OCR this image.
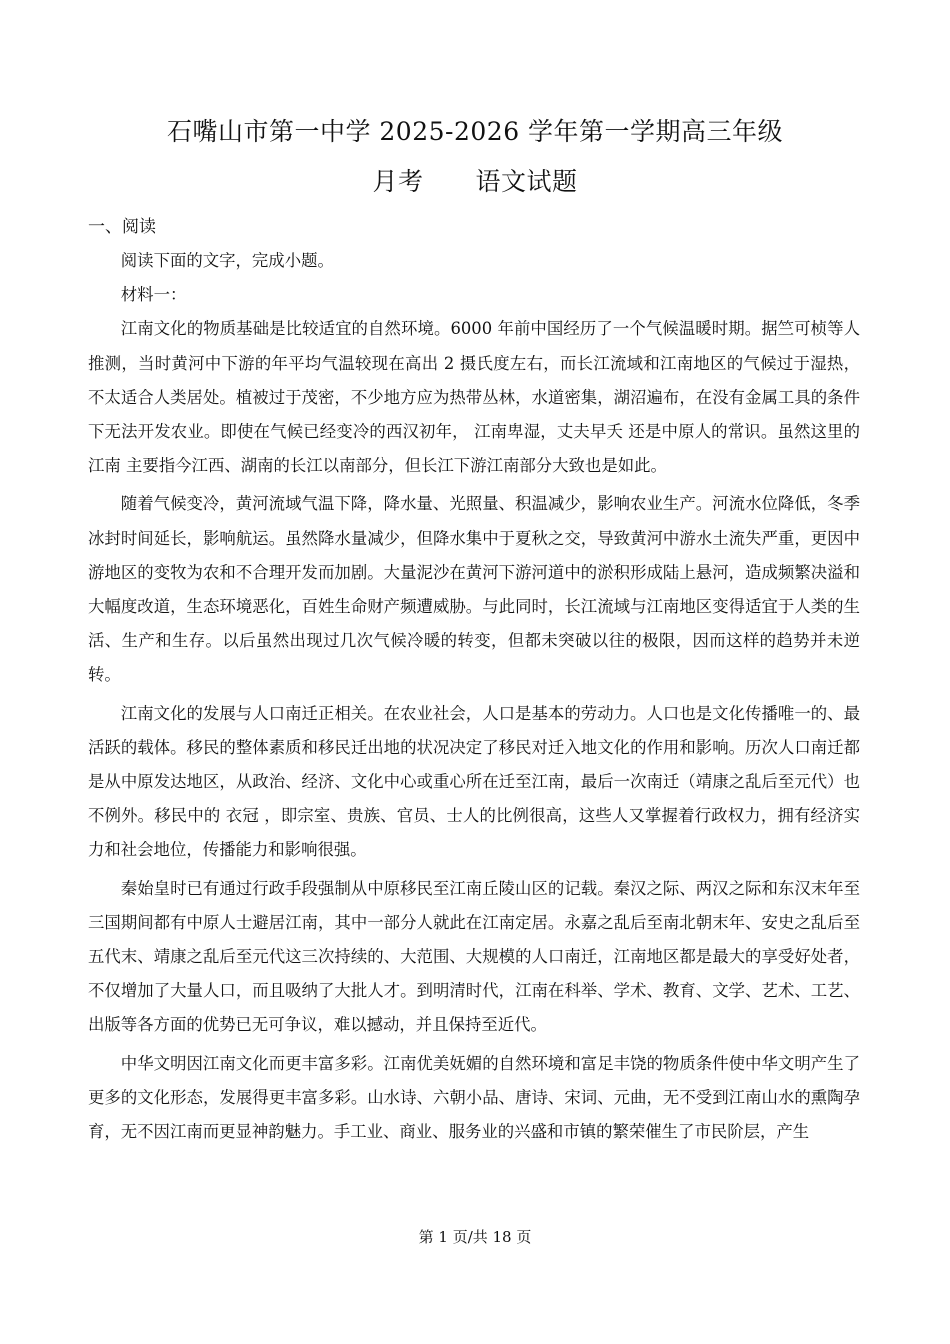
石嘴山市第一中学 2025-2026 学年第一学期高三年级
月考　 语文试题
一、阅读

阅读下面的文字，完成小题。

材料一：

江南文化的物质基础是比较适宜的自然环境。6000 年前中国经历了一个气候温暖时期。据竺可桢等人推测，当时黄河中下游的年平均气温较现在高出 2 摄氏度左右，而长江流域和江南地区的气候过于湿热，不太适合人类居处。植被过于茂密，不少地方应为热带丛林，水道密集，湖沼遍布，在没有金属工具的条件下无法开发农业。即使在气候已经变冷的西汉初年， 江南卑湿，丈夫早夭 还是中原人的常识。虽然这里的 江南 主要指今江西、湖南的长江以南部分，但长江下游江南部分大致也是如此。

随着气候变冷，黄河流域气温下降，降水量、光照量、积温减少，影响农业生产。河流水位降低，冬季冰封时间延长，影响航运。虽然降水量减少，但降水集中于夏秋之交，导致黄河中游水土流失严重，更因中游地区的变牧为农和不合理开发而加剧。大量泥沙在黄河下游河道中的淤积形成陆上悬河，造成频繁决溢和大幅度改道，生态环境恶化，百姓生命财产频遭威胁。与此同时，长江流域与江南地区变得适宜于人类的生活、生产和生存。以后虽然出现过几次气候冷暖的转变，但都未突破以往的极限，因而这样的趋势并未逆转。

江南文化的发展与人口南迁正相关。在农业社会，人口是基本的劳动力。人口也是文化传播唯一的、最活跃的载体。移民的整体素质和移民迁出地的状况决定了移民对迁入地文化的作用和影响。历次人口南迁都是从中原发达地区，从政治、经济、文化中心或重心所在迁至江南，最后一次南迁（靖康之乱后至元代）也不例外。移民中的 衣冠 ，即宗室、贵族、官员、士人的比例很高，这些人又掌握着行政权力，拥有经济实力和社会地位，传播能力和影响很强。

秦始皇时已有通过行政手段强制从中原移民至江南丘陵山区的记载。秦汉之际、两汉之际和东汉末年至三国期间都有中原人士避居江南，其中一部分人就此在江南定居。永嘉之乱后至南北朝末年、安史之乱后至五代末、靖康之乱后至元代这三次持续的、大范围、大规模的人口南迁，江南地区都是最大的享受好处者，不仅增加了大量人口，而且吸纳了大批人才。到明清时代，江南在科举、学术、教育、文学、艺术、工艺、出版等各方面的优势已无可争议，难以撼动，并且保持至近代。

中华文明因江南文化而更丰富多彩。江南优美妩媚的自然环境和富足丰饶的物质条件使中华文明产生了更多的文化形态，发展得更丰富多彩。山水诗、六朝小品、唐诗、宋词、元曲，无不受到江南山水的熏陶孕育，无不因江南而更显神韵魅力。手工业、商业、服务业的兴盛和市镇的繁荣催生了市民阶层，产生

第 1 页/共 18 页
